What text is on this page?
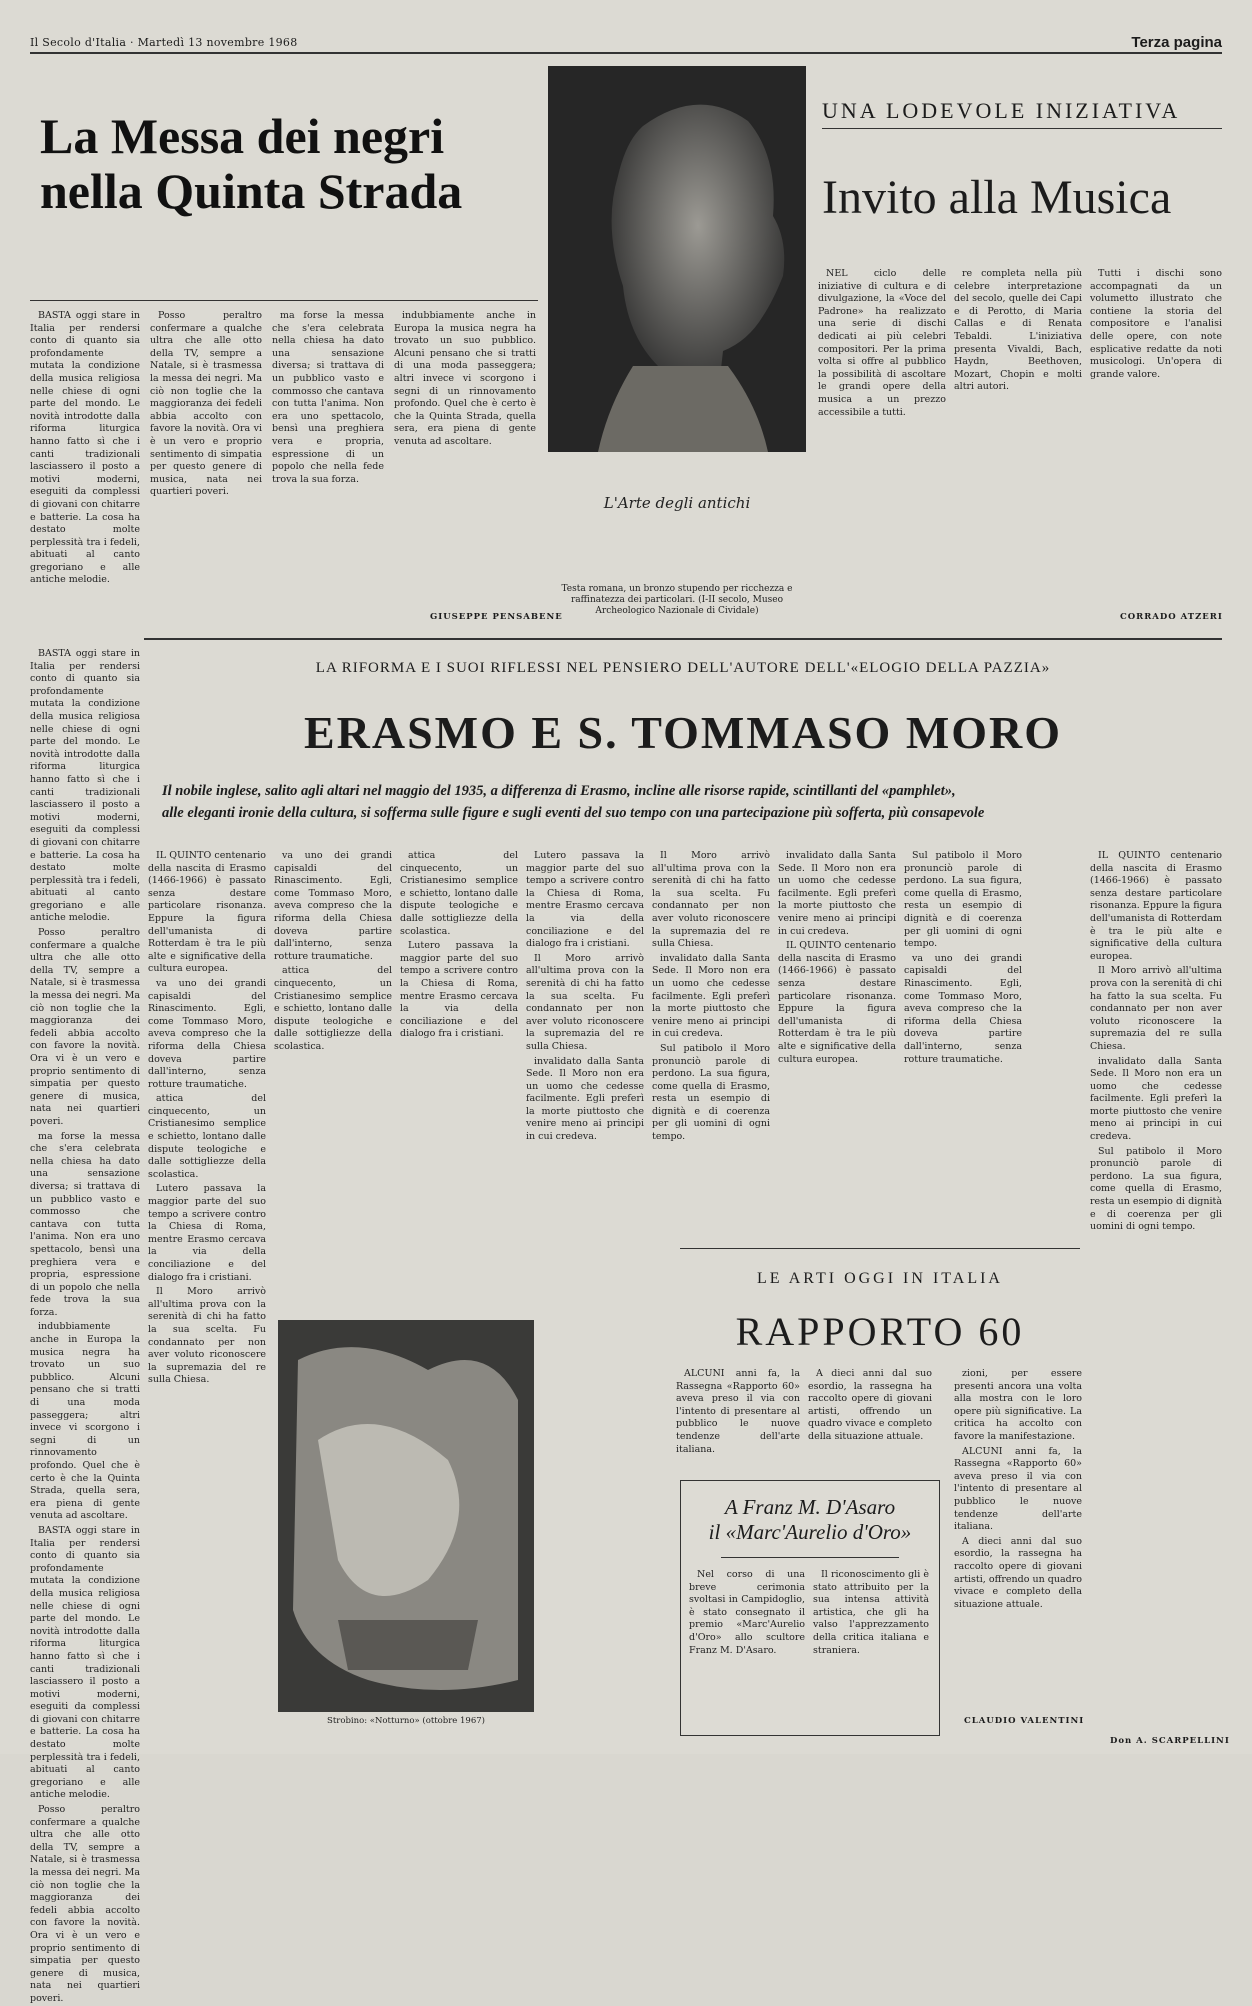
Il Secolo d'Italia · Martedì 13 novembre 1968	Terza pagina
La Messa dei negri
nella Quinta Strada

BASTA oggi stare in Italia per rendersi conto di quanto sia profondamente mutata la condizione della musica religiosa nelle chiese di ogni parte del mondo. Le novità introdotte dalla riforma liturgica hanno fatto sì che i canti tradizionali lasciassero il posto a motivi moderni, eseguiti da complessi di giovani con chitarre e batterie. La cosa ha destato molte perplessità tra i fedeli, abituati al canto gregoriano e alle antiche melodie.

Posso peraltro confermare a qualche ultra che alle otto della TV, sempre a Natale, si è trasmessa la messa dei negri. Ma ciò non toglie che la maggioranza dei fedeli abbia accolto con favore la novità. Ora vi è un vero e proprio sentimento di simpatia per questo genere di musica, nata nei quartieri poveri.

ma forse la messa che s'era celebrata nella chiesa ha dato una sensazione diversa; si trattava di un pubblico vasto e commosso che cantava con tutta l'anima. Non era uno spettacolo, bensì una preghiera vera e propria, espressione di un popolo che nella fede trova la sua forza.

indubbiamente anche in Europa la musica negra ha trovato un suo pubblico. Alcuni pensano che si tratti di una moda passeggera; altri invece vi scorgono i segni di un rinnovamento profondo. Quel che è certo è che la Quinta Strada, quella sera, era piena di gente venuta ad ascoltare.

GIUSEPPE PENSABENE
L'Arte degli antichi
Testa romana, un bronzo stupendo per ricchezza e raffinatezza dei particolari. (I-II secolo, Museo Archeologico Nazionale di Cividale)
UNA LODEVOLE INIZIATIVA
Invito alla Musica

NEL ciclo delle iniziative di cultura e di divulgazione, la «Voce del Padrone» ha realizzato una serie di dischi dedicati ai più celebri compositori. Per la prima volta si offre al pubblico la possibilità di ascoltare le grandi opere della musica a un prezzo accessibile a tutti.

re completa nella più celebre interpretazione del secolo, quelle dei Capi e di Perotto, di Maria Callas e di Renata Tebaldi. L'iniziativa presenta Vivaldi, Bach, Haydn, Beethoven, Mozart, Chopin e molti altri autori.

Tutti i dischi sono accompagnati da un volumetto illustrato che contiene la storia del compositore e l'analisi delle opere, con note esplicative redatte da noti musicologi. Un'opera di grande valore.

CORRADO ATZERI
LA RIFORMA E I SUOI RIFLESSI NEL PENSIERO DELL'AUTORE DELL'«ELOGIO DELLA PAZZIA»
ERASMO E S. TOMMASO MORO
Il nobile inglese, salito agli altari nel maggio del 1935, a differenza di Erasmo, incline alle risorse rapide, scintillanti del «pamphlet»,
alle eleganti ironie della cultura, si sofferma sulle figure e sugli eventi del suo tempo con una partecipazione più sofferta, più consapevole

BASTA oggi stare in Italia per rendersi conto di quanto sia profondamente mutata la condizione della musica religiosa nelle chiese di ogni parte del mondo. Le novità introdotte dalla riforma liturgica hanno fatto sì che i canti tradizionali lasciassero il posto a motivi moderni, eseguiti da complessi di giovani con chitarre e batterie. La cosa ha destato molte perplessità tra i fedeli, abituati al canto gregoriano e alle antiche melodie.

Posso peraltro confermare a qualche ultra che alle otto della TV, sempre a Natale, si è trasmessa la messa dei negri. Ma ciò non toglie che la maggioranza dei fedeli abbia accolto con favore la novità. Ora vi è un vero e proprio sentimento di simpatia per questo genere di musica, nata nei quartieri poveri.

ma forse la messa che s'era celebrata nella chiesa ha dato una sensazione diversa; si trattava di un pubblico vasto e commosso che cantava con tutta l'anima. Non era uno spettacolo, bensì una preghiera vera e propria, espressione di un popolo che nella fede trova la sua forza.

indubbiamente anche in Europa la musica negra ha trovato un suo pubblico. Alcuni pensano che si tratti di una moda passeggera; altri invece vi scorgono i segni di un rinnovamento profondo. Quel che è certo è che la Quinta Strada, quella sera, era piena di gente venuta ad ascoltare.

BASTA oggi stare in Italia per rendersi conto di quanto sia profondamente mutata la condizione della musica religiosa nelle chiese di ogni parte del mondo. Le novità introdotte dalla riforma liturgica hanno fatto sì che i canti tradizionali lasciassero il posto a motivi moderni, eseguiti da complessi di giovani con chitarre e batterie. La cosa ha destato molte perplessità tra i fedeli, abituati al canto gregoriano e alle antiche melodie.

Posso peraltro confermare a qualche ultra che alle otto della TV, sempre a Natale, si è trasmessa la messa dei negri. Ma ciò non toglie che la maggioranza dei fedeli abbia accolto con favore la novità. Ora vi è un vero e proprio sentimento di simpatia per questo genere di musica, nata nei quartieri poveri.

IL QUINTO centenario della nascita di Erasmo (1466-1966) è passato senza destare particolare risonanza. Eppure la figura dell'umanista di Rotterdam è tra le più alte e significative della cultura europea.

va uno dei grandi capisaldi del Rinascimento. Egli, come Tommaso Moro, aveva compreso che la riforma della Chiesa doveva partire dall'interno, senza rotture traumatiche.

attica del cinquecento, un Cristianesimo semplice e schietto, lontano dalle dispute teologiche e dalle sottigliezze della scolastica.

Lutero passava la maggior parte del suo tempo a scrivere contro la Chiesa di Roma, mentre Erasmo cercava la via della conciliazione e del dialogo fra i cristiani.

Il Moro arrivò all'ultima prova con la serenità di chi ha fatto la sua scelta. Fu condannato per non aver voluto riconoscere la supremazia del re sulla Chiesa.

va uno dei grandi capisaldi del Rinascimento. Egli, come Tommaso Moro, aveva compreso che la riforma della Chiesa doveva partire dall'interno, senza rotture traumatiche.

attica del cinquecento, un Cristianesimo semplice e schietto, lontano dalle dispute teologiche e dalle sottigliezze della scolastica.

attica del cinquecento, un Cristianesimo semplice e schietto, lontano dalle dispute teologiche e dalle sottigliezze della scolastica.

Lutero passava la maggior parte del suo tempo a scrivere contro la Chiesa di Roma, mentre Erasmo cercava la via della conciliazione e del dialogo fra i cristiani.

Lutero passava la maggior parte del suo tempo a scrivere contro la Chiesa di Roma, mentre Erasmo cercava la via della conciliazione e del dialogo fra i cristiani.

Il Moro arrivò all'ultima prova con la serenità di chi ha fatto la sua scelta. Fu condannato per non aver voluto riconoscere la supremazia del re sulla Chiesa.

invalidato dalla Santa Sede. Il Moro non era un uomo che cedesse facilmente. Egli preferì la morte piuttosto che venire meno ai principi in cui credeva.

Il Moro arrivò all'ultima prova con la serenità di chi ha fatto la sua scelta. Fu condannato per non aver voluto riconoscere la supremazia del re sulla Chiesa.

invalidato dalla Santa Sede. Il Moro non era un uomo che cedesse facilmente. Egli preferì la morte piuttosto che venire meno ai principi in cui credeva.

Sul patibolo il Moro pronunciò parole di perdono. La sua figura, come quella di Erasmo, resta un esempio di dignità e di coerenza per gli uomini di ogni tempo.

invalidato dalla Santa Sede. Il Moro non era un uomo che cedesse facilmente. Egli preferì la morte piuttosto che venire meno ai principi in cui credeva.

IL QUINTO centenario della nascita di Erasmo (1466-1966) è passato senza destare particolare risonanza. Eppure la figura dell'umanista di Rotterdam è tra le più alte e significative della cultura europea.

Sul patibolo il Moro pronunciò parole di perdono. La sua figura, come quella di Erasmo, resta un esempio di dignità e di coerenza per gli uomini di ogni tempo.

va uno dei grandi capisaldi del Rinascimento. Egli, come Tommaso Moro, aveva compreso che la riforma della Chiesa doveva partire dall'interno, senza rotture traumatiche.

IL QUINTO centenario della nascita di Erasmo (1466-1966) è passato senza destare particolare risonanza. Eppure la figura dell'umanista di Rotterdam è tra le più alte e significative della cultura europea.

Il Moro arrivò all'ultima prova con la serenità di chi ha fatto la sua scelta. Fu condannato per non aver voluto riconoscere la supremazia del re sulla Chiesa.

invalidato dalla Santa Sede. Il Moro non era un uomo che cedesse facilmente. Egli preferì la morte piuttosto che venire meno ai principi in cui credeva.

Sul patibolo il Moro pronunciò parole di perdono. La sua figura, come quella di Erasmo, resta un esempio di dignità e di coerenza per gli uomini di ogni tempo.

Don A. SCARPELLINI
Strobino: «Notturno» (ottobre 1967)
LE ARTI OGGI IN ITALIA
RAPPORTO 60

ALCUNI anni fa, la Rassegna «Rapporto 60» aveva preso il via con l'intento di presentare al pubblico le nuove tendenze dell'arte italiana.

A dieci anni dal suo esordio, la rassegna ha raccolto opere di giovani artisti, offrendo un quadro vivace e completo della situazione attuale.

zioni, per essere presenti ancora una volta alla mostra con le loro opere più significative. La critica ha accolto con favore la manifestazione.

ALCUNI anni fa, la Rassegna «Rapporto 60» aveva preso il via con l'intento di presentare al pubblico le nuove tendenze dell'arte italiana.

A dieci anni dal suo esordio, la rassegna ha raccolto opere di giovani artisti, offrendo un quadro vivace e completo della situazione attuale.

CLAUDIO VALENTINI
A Franz M. D'Asaro
il «Marc'Aurelio d'Oro»

Nel corso di una breve cerimonia svoltasi in Campidoglio, è stato consegnato il premio «Marc'Aurelio d'Oro» allo scultore Franz M. D'Asaro.

Il riconoscimento gli è stato attribuito per la sua intensa attività artistica, che gli ha valso l'apprezzamento della critica italiana e straniera.
